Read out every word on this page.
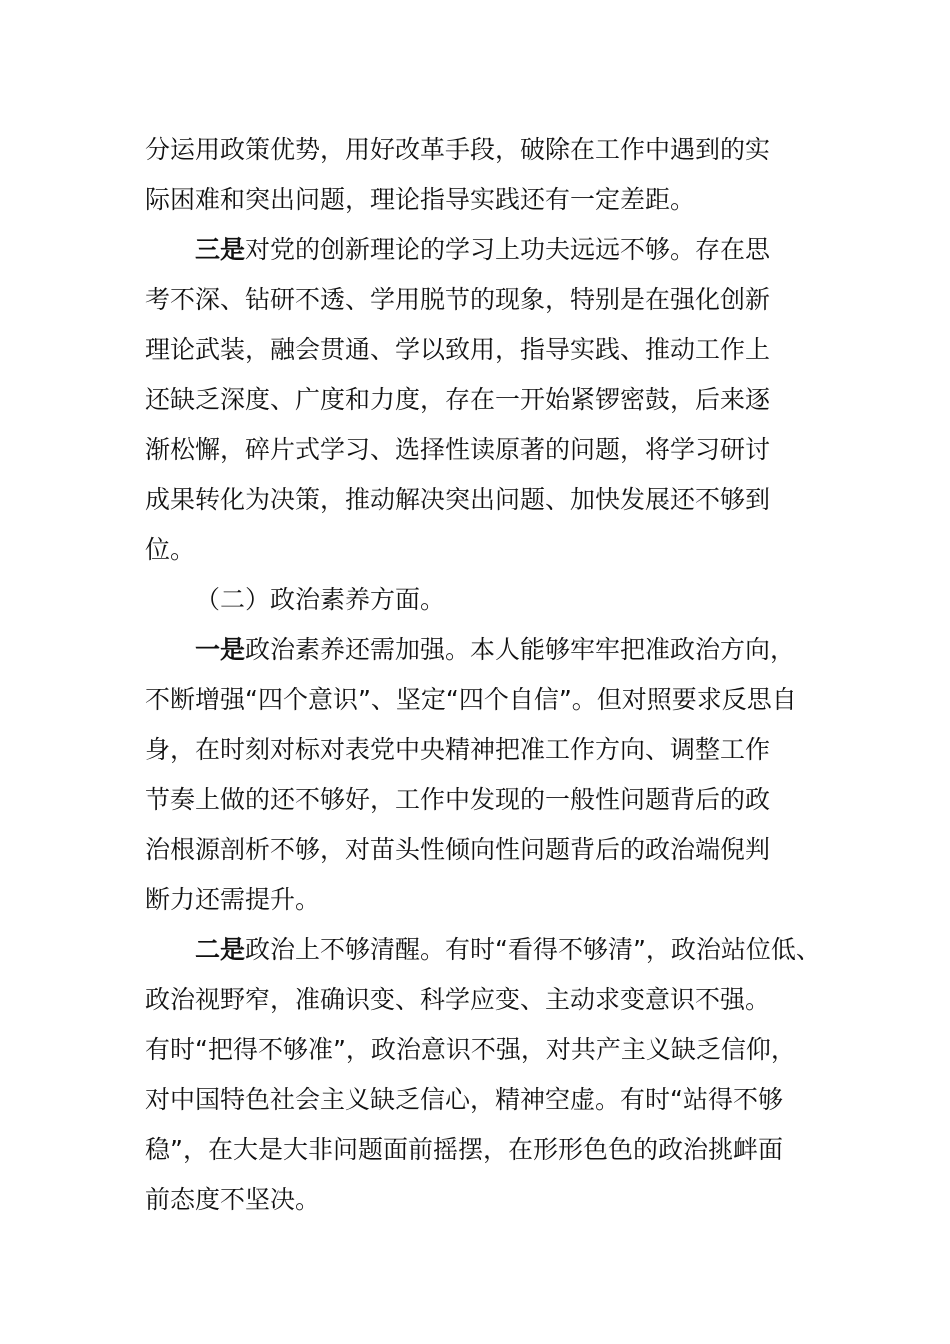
分运用政策优势，用好改革手段，破除在工作中遇到的实
际困难和突出问题，理论指导实践还有一定差距。
三是对党的创新理论的学习上功夫远远不够。存在思
考不深、钻研不透、学用脱节的现象，特别是在强化创新
理论武装，融会贯通、学以致用，指导实践、推动工作上
还缺乏深度、广度和力度，存在一开始紧锣密鼓，后来逐
渐松懈，碎片式学习、选择性读原著的问题，将学习研讨
成果转化为决策，推动解决突出问题、加快发展还不够到
位。
（二）政治素养方面。
一是政治素养还需加强。本人能够牢牢把准政治方向，
不断增强“四个意识”、坚定“四个自信”。但对照要求反思自
身，在时刻对标对表党中央精神把准工作方向、调整工作
节奏上做的还不够好，工作中发现的一般性问题背后的政
治根源剖析不够，对苗头性倾向性问题背后的政治端倪判
断力还需提升。
二是政治上不够清醒。有时“看得不够清”，政治站位低、
政治视野窄，准确识变、科学应变、主动求变意识不强。
有时“把得不够准”，政治意识不强，对共产主义缺乏信仰，
对中国特色社会主义缺乏信心，精神空虚。有时“站得不够
稳”，在大是大非问题面前摇摆，在形形色色的政治挑衅面
前态度不坚决。
